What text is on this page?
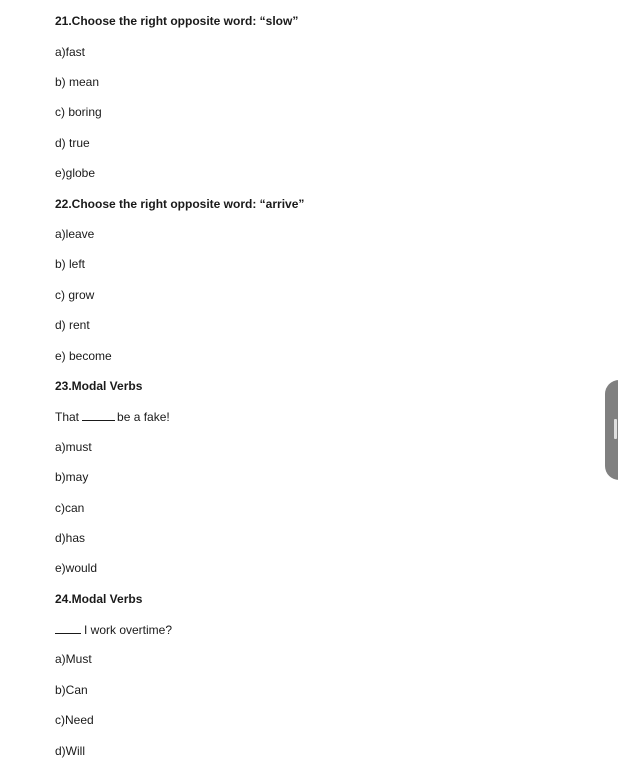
21.Choose the right opposite word: “slow”
a)fast
b) mean
c) boring
d) true
e)globe
22.Choose the right opposite word: “arrive”
a)leave
b) left
c) grow
d) rent
e) become
23.Modal Verbs
That	be a fake!
a)must
b)may
c)can
d)has
e)would
24.Modal Verbs
I work overtime?
a)Must
b)Can
c)Need
d)Will
